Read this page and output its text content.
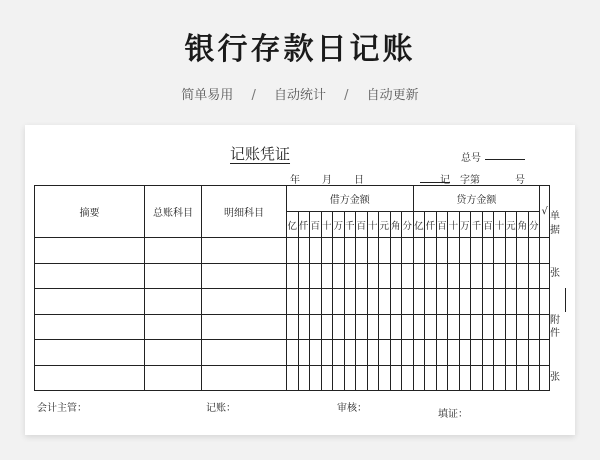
银行存款日记账
简单易用 / 自动统计 / 自动更新
记账凭证	总号
年 月 日	记 字第	号
摘要	总账科目	明细科目	借方金额											贷方金额											√
			亿	仟	百	十	万	千	百	十	元	角	分	亿	仟	百	十	万	千	百	十	元	角	分	

单
据
张
附
件
张
会计主管：	记账：	审核：
填证：
